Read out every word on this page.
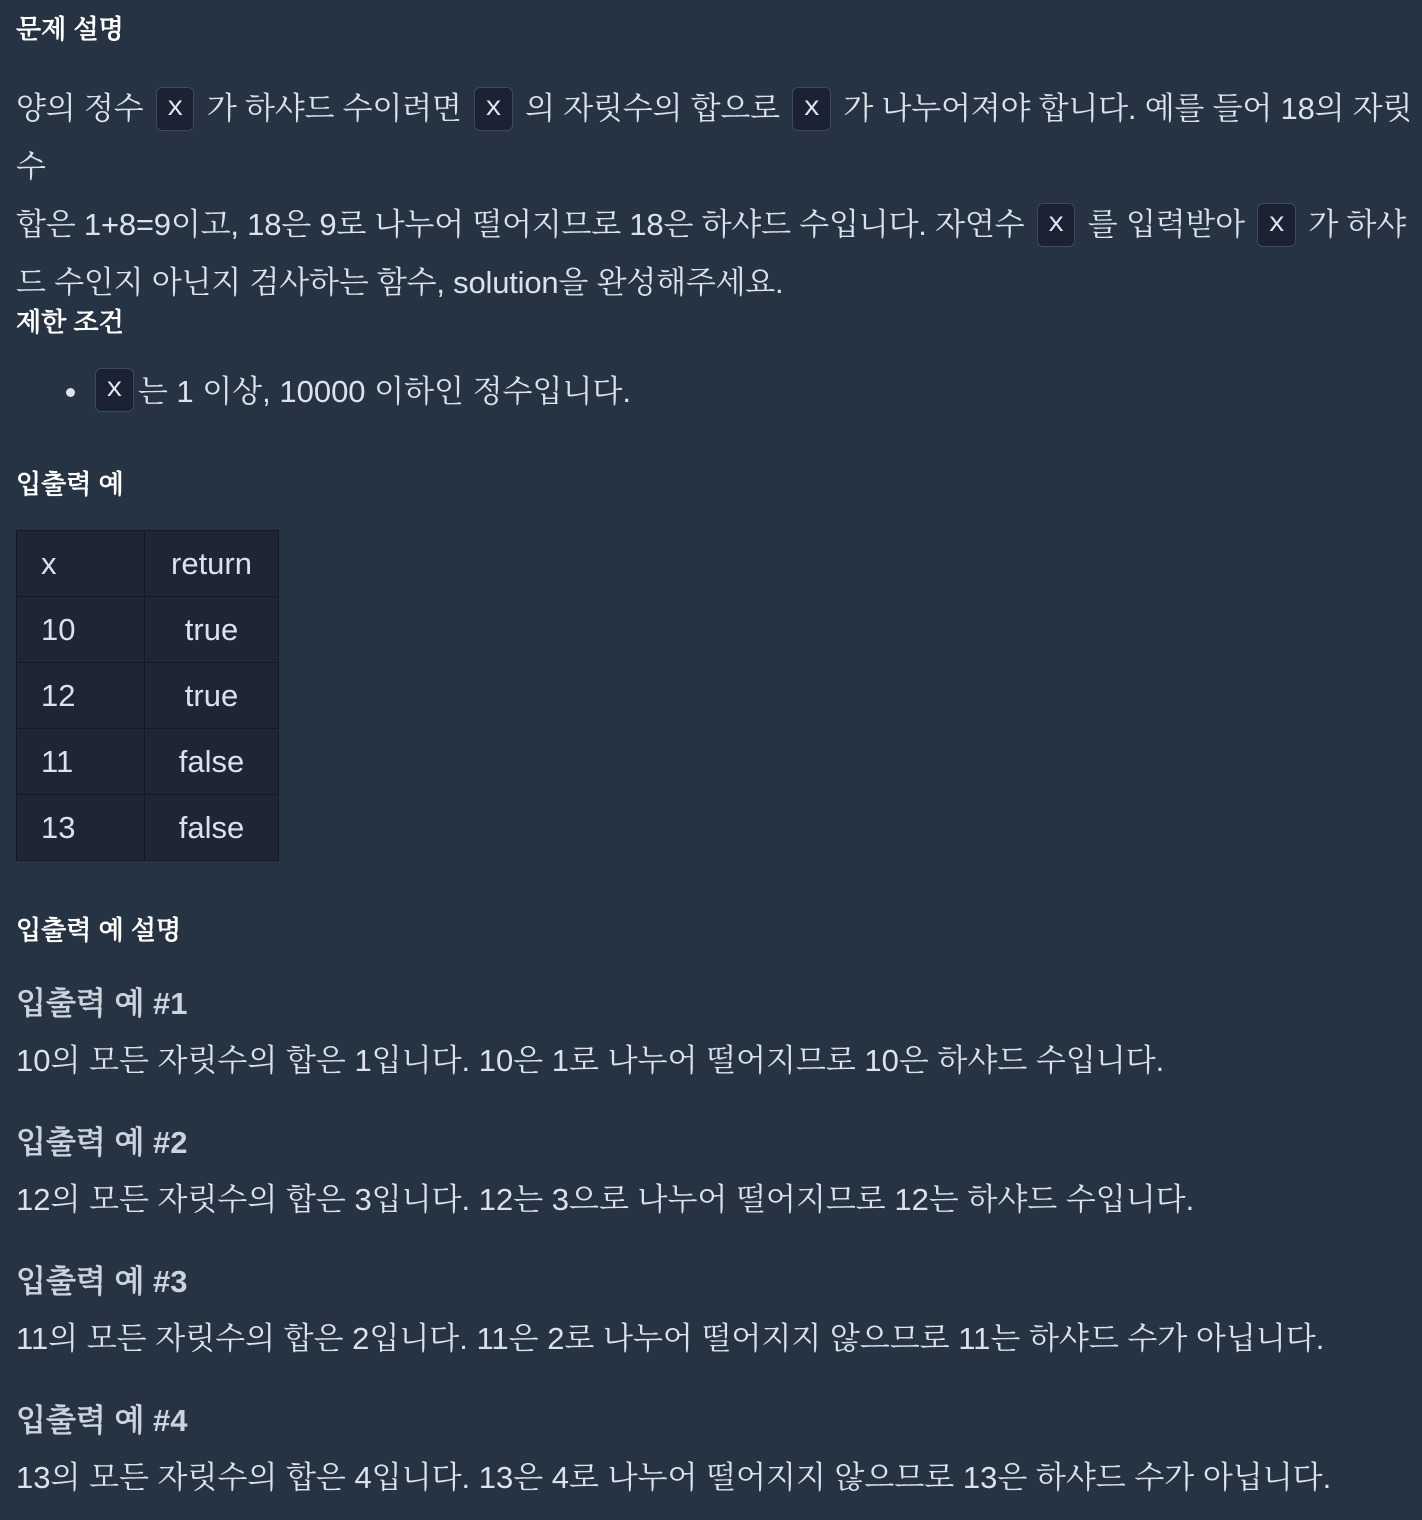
문제 설명
양의 정수 x 가 하샤드 수이려면 x 의 자릿수의 합으로 x 가 나누어져야 합니다. 예를 들어 18의 자릿수
합은 1+8=9이고, 18은 9로 나누어 떨어지므로 18은 하샤드 수입니다. 자연수 x 를 입력받아 x 가 하샤
드 수인지 아닌지 검사하는 함수, solution을 완성해주세요.
제한 조건
x 는 1 이상, 10000 이하인 정수입니다.
입출력 예
x	return
10	true
12	true
11	false
13	false
입출력 예 설명
입출력 예 #1
10의 모든 자릿수의 합은 1입니다. 10은 1로 나누어 떨어지므로 10은 하샤드 수입니다.
입출력 예 #2
12의 모든 자릿수의 합은 3입니다. 12는 3으로 나누어 떨어지므로 12는 하샤드 수입니다.
입출력 예 #3
11의 모든 자릿수의 합은 2입니다. 11은 2로 나누어 떨어지지 않으므로 11는 하샤드 수가 아닙니다.
입출력 예 #4
13의 모든 자릿수의 합은 4입니다. 13은 4로 나누어 떨어지지 않으므로 13은 하샤드 수가 아닙니다.
